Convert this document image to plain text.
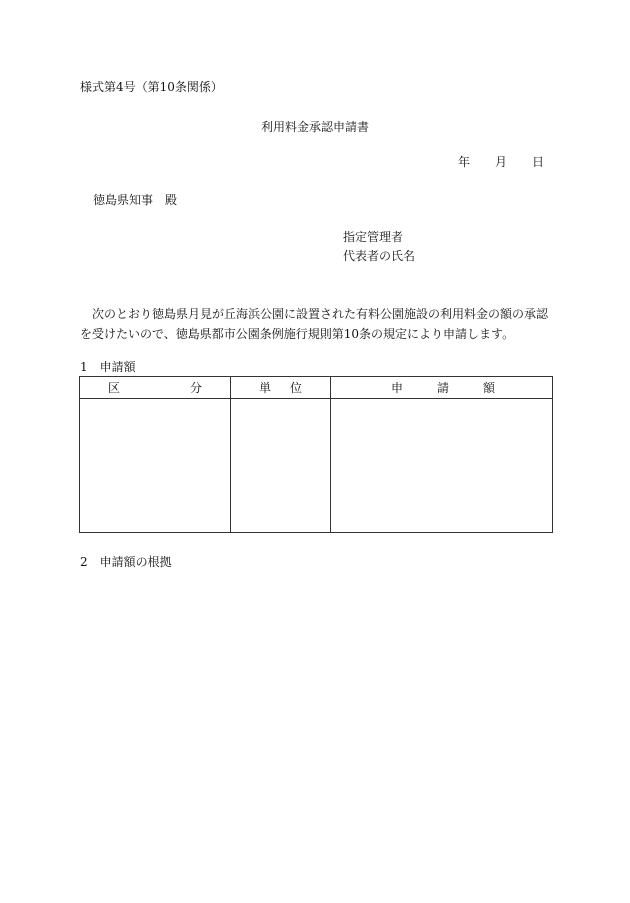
様式第4号（第10条関係）
利用料金承認申請書
年 月 日
徳島県知事　殿
指定管理者
代表者の氏名
　次のとおり徳島県月見が丘海浜公園に設置された有料公園施設の利用料金の額の承認を受けたいので、徳島県都市公園条例施行規則第10条の規定により申請します。
1　申請額
区 分	単 位	申 請 額

2　申請額の根拠
